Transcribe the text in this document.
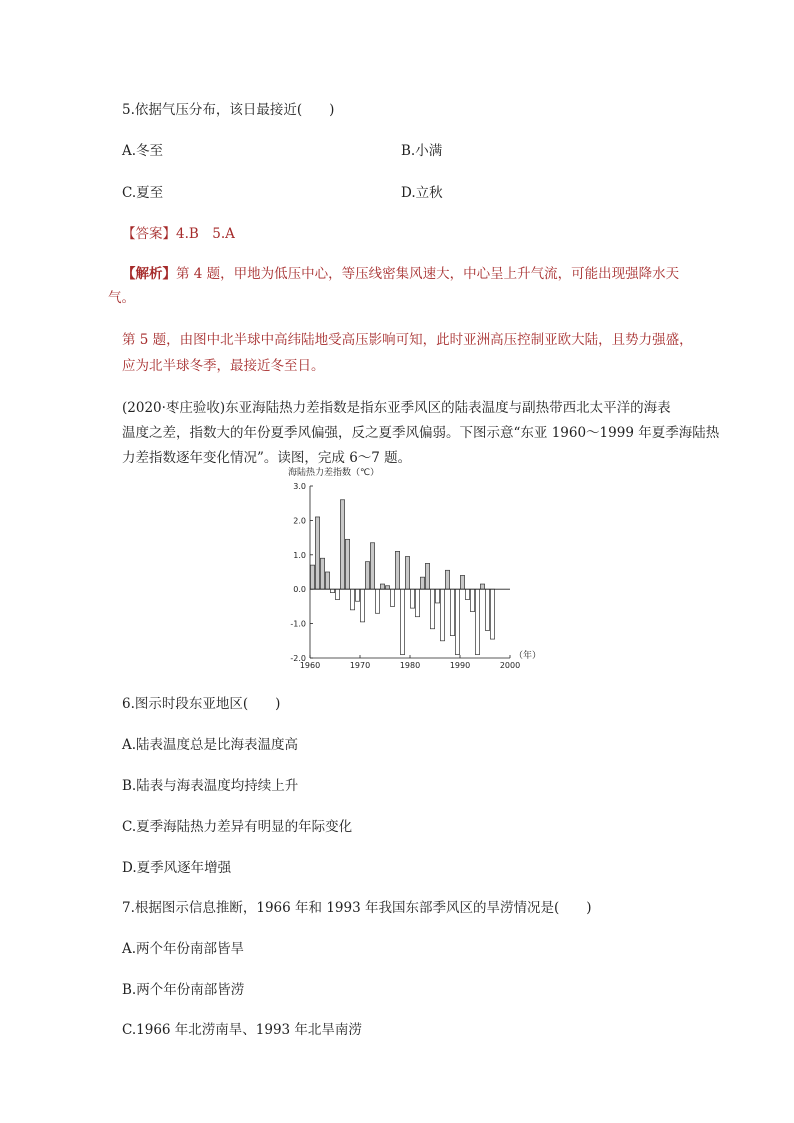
5.依据气压分布，该日最接近(　　)
A.冬至	B.小满
C.夏至	D.立秋
【答案】4.B　5.A
【解析】第 4 题，甲地为低压中心，等压线密集风速大，中心呈上升气流，可能出现强降水天
气。
第 5 题，由图中北半球中高纬陆地受高压影响可知，此时亚洲高压控制亚欧大陆，且势力强盛，
应为北半球冬季，最接近冬至日。
(2020·枣庄验收)东亚海陆热力差指数是指东亚季风区的陆表温度与副热带西北太平洋的海表
温度之差，指数大的年份夏季风偏强，反之夏季风偏弱。下图示意“东亚 1960～1999 年夏季海陆热
力差指数逐年变化情况”。读图，完成 6～7 题。
海陆热力差指数（℃）
3.0
2.0
1.0
0.0
-1.0
-2.0
1960	1970	1980	1990	2000
（年）
6.图示时段东亚地区(　　)
A.陆表温度总是比海表温度高
B.陆表与海表温度均持续上升
C.夏季海陆热力差异有明显的年际变化
D.夏季风逐年增强
7.根据图示信息推断，1966 年和 1993 年我国东部季风区的旱涝情况是(　　)
A.两个年份南部皆旱
B.两个年份南部皆涝
C.1966 年北涝南旱、1993 年北旱南涝
